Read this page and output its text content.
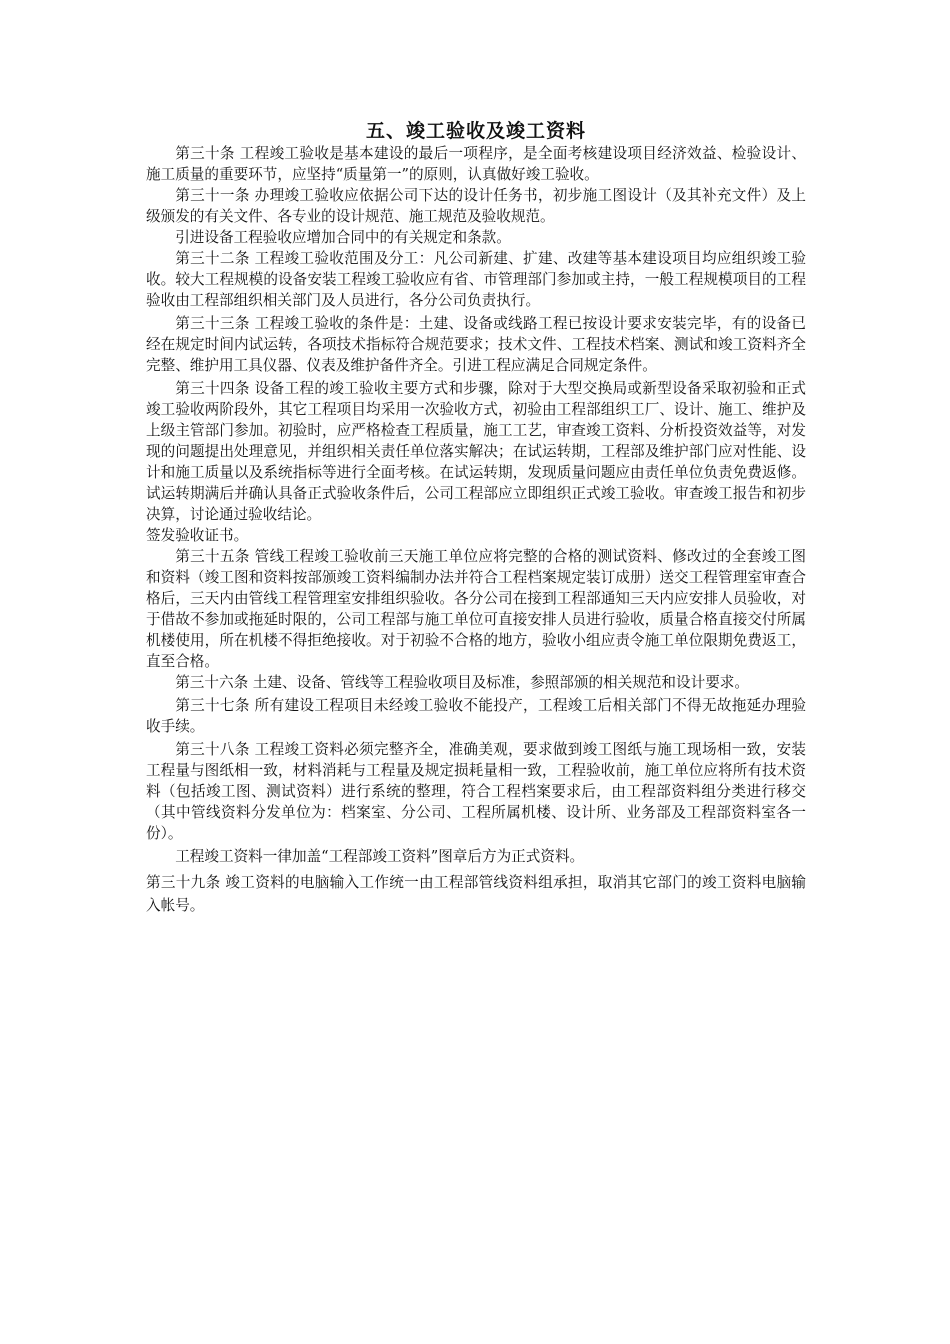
五、竣工验收及竣工资料

第三十条 工程竣工验收是基本建设的最后一项程序，是全面考核建设项目经济效益、检验设计、施工质量的重要环节，应坚持“质量第一”的原则，认真做好竣工验收。

第三十一条 办理竣工验收应依据公司下达的设计任务书，初步施工图设计（及其补充文件）及上级颁发的有关文件、各专业的设计规范、施工规范及验收规范。

引进设备工程验收应增加合同中的有关规定和条款。

第三十二条 工程竣工验收范围及分工：凡公司新建、扩建、改建等基本建设项目均应组织竣工验收。较大工程规模的设备安装工程竣工验收应有省、市管理部门参加或主持，一般工程规模项目的工程验收由工程部组织相关部门及人员进行，各分公司负责执行。

第三十三条 工程竣工验收的条件是：土建、设备或线路工程已按设计要求安装完毕，有的设备已经在规定时间内试运转，各项技术指标符合规范要求；技术文件、工程技术档案、测试和竣工资料齐全完整、维护用工具仪器、仪表及维护备件齐全。引进工程应满足合同规定条件。

第三十四条 设备工程的竣工验收主要方式和步骤，除对于大型交换局或新型设备采取初验和正式竣工验收两阶段外，其它工程项目均采用一次验收方式，初验由工程部组织工厂、设计、施工、维护及上级主管部门参加。初验时，应严格检查工程质量，施工工艺，审查竣工资料、分析投资效益等，对发现的问题提出处理意见，并组织相关责任单位落实解决；在试运转期，工程部及维护部门应对性能、设计和施工质量以及系统指标等进行全面考核。在试运转期，发现质量问题应由责任单位负责免费返修。试运转期满后并确认具备正式验收条件后，公司工程部应立即组织正式竣工验收。审查竣工报告和初步决算，讨论通过验收结论。

签发验收证书。

第三十五条 管线工程竣工验收前三天施工单位应将完整的合格的测试资料、修改过的全套竣工图和资料（竣工图和资料按部颁竣工资料编制办法并符合工程档案规定装订成册）送交工程管理室审查合格后，三天内由管线工程管理室安排组织验收。各分公司在接到工程部通知三天内应安排人员验收，对于借故不参加或拖延时限的，公司工程部与施工单位可直接安排人员进行验收，质量合格直接交付所属机楼使用，所在机楼不得拒绝接收。对于初验不合格的地方，验收小组应责令施工单位限期免费返工，直至合格。

第三十六条 土建、设备、管线等工程验收项目及标准，参照部颁的相关规范和设计要求。

第三十七条 所有建设工程项目未经竣工验收不能投产，工程竣工后相关部门不得无故拖延办理验收手续。

第三十八条 工程竣工资料必须完整齐全，准确美观，要求做到竣工图纸与施工现场相一致，安装工程量与图纸相一致，材料消耗与工程量及规定损耗量相一致，工程验收前，施工单位应将所有技术资料（包括竣工图、测试资料）进行系统的整理，符合工程档案要求后，由工程部资料组分类进行移交（其中管线资料分发单位为：档案室、分公司、工程所属机楼、设计所、业务部及工程部资料室各一份）。

工程竣工资料一律加盖“工程部竣工资料”图章后方为正式资料。

第三十九条 竣工资料的电脑输入工作统一由工程部管线资料组承担，取消其它部门的竣工资料电脑输入帐号。
